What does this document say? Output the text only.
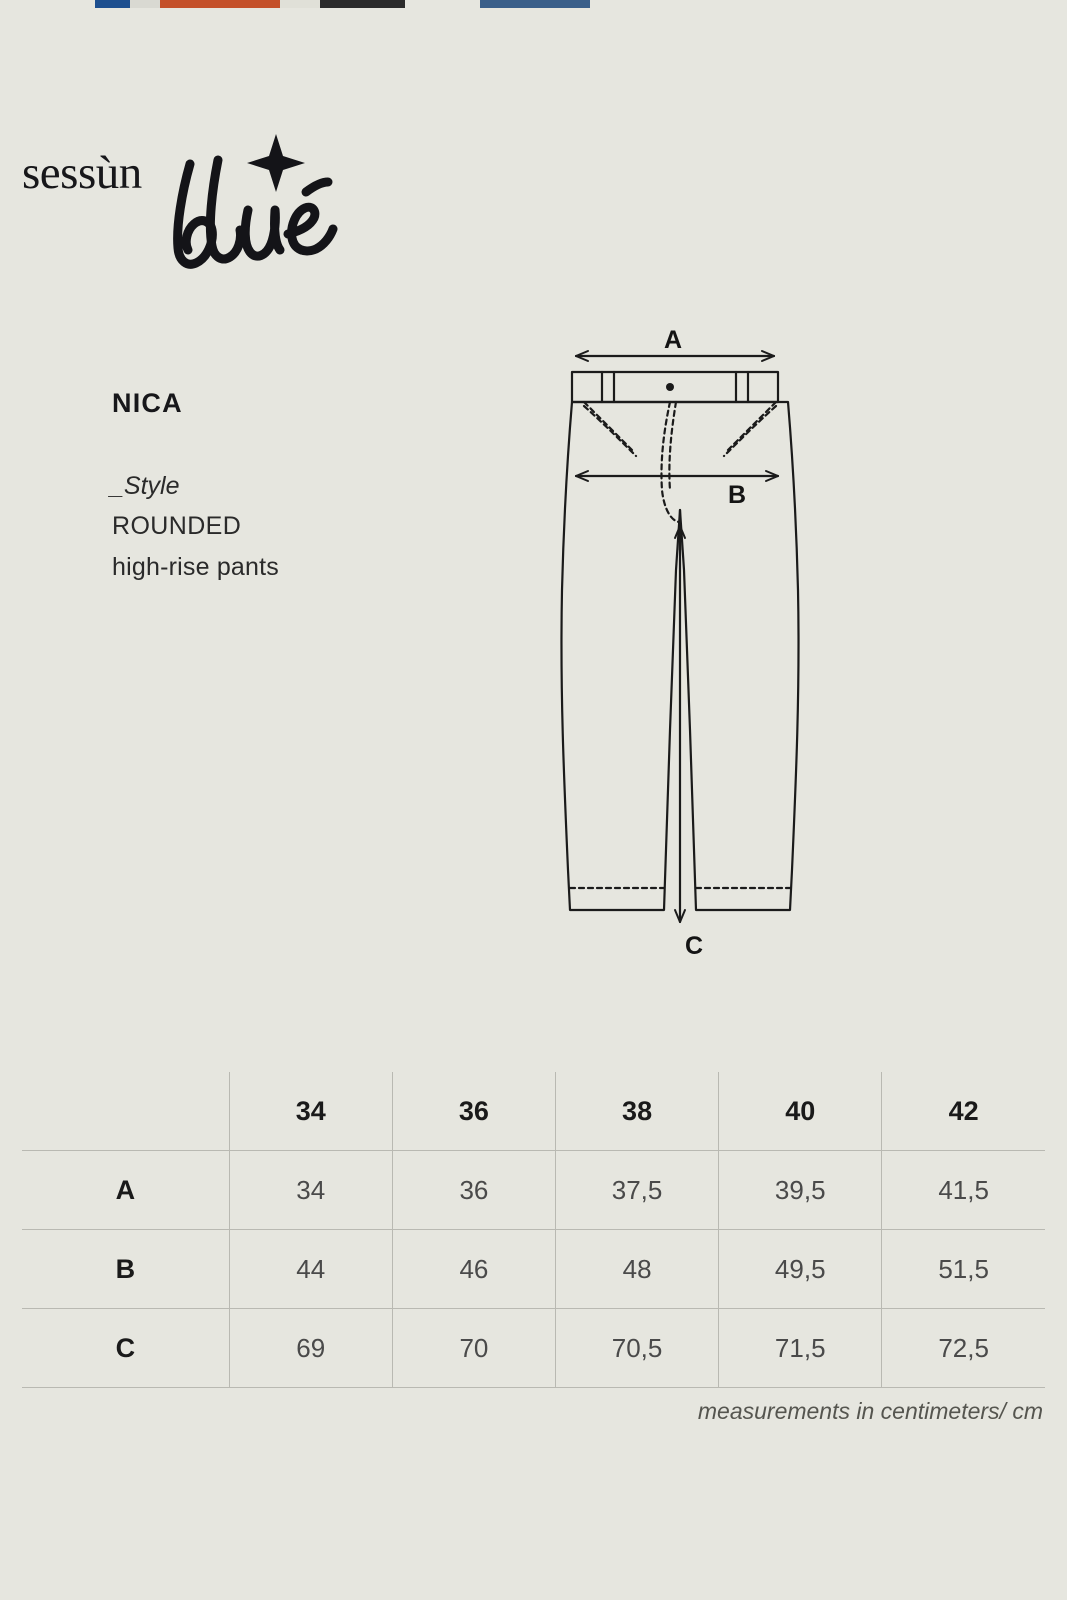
sessùn
NICA
_Style
ROUNDED
high-rise pants
A
B
C
	34	36	38	40	42
A	34	36	37,5	39,5	41,5
B	44	46	48	49,5	51,5
C	69	70	70,5	71,5	72,5
measurements in centimeters/ cm
